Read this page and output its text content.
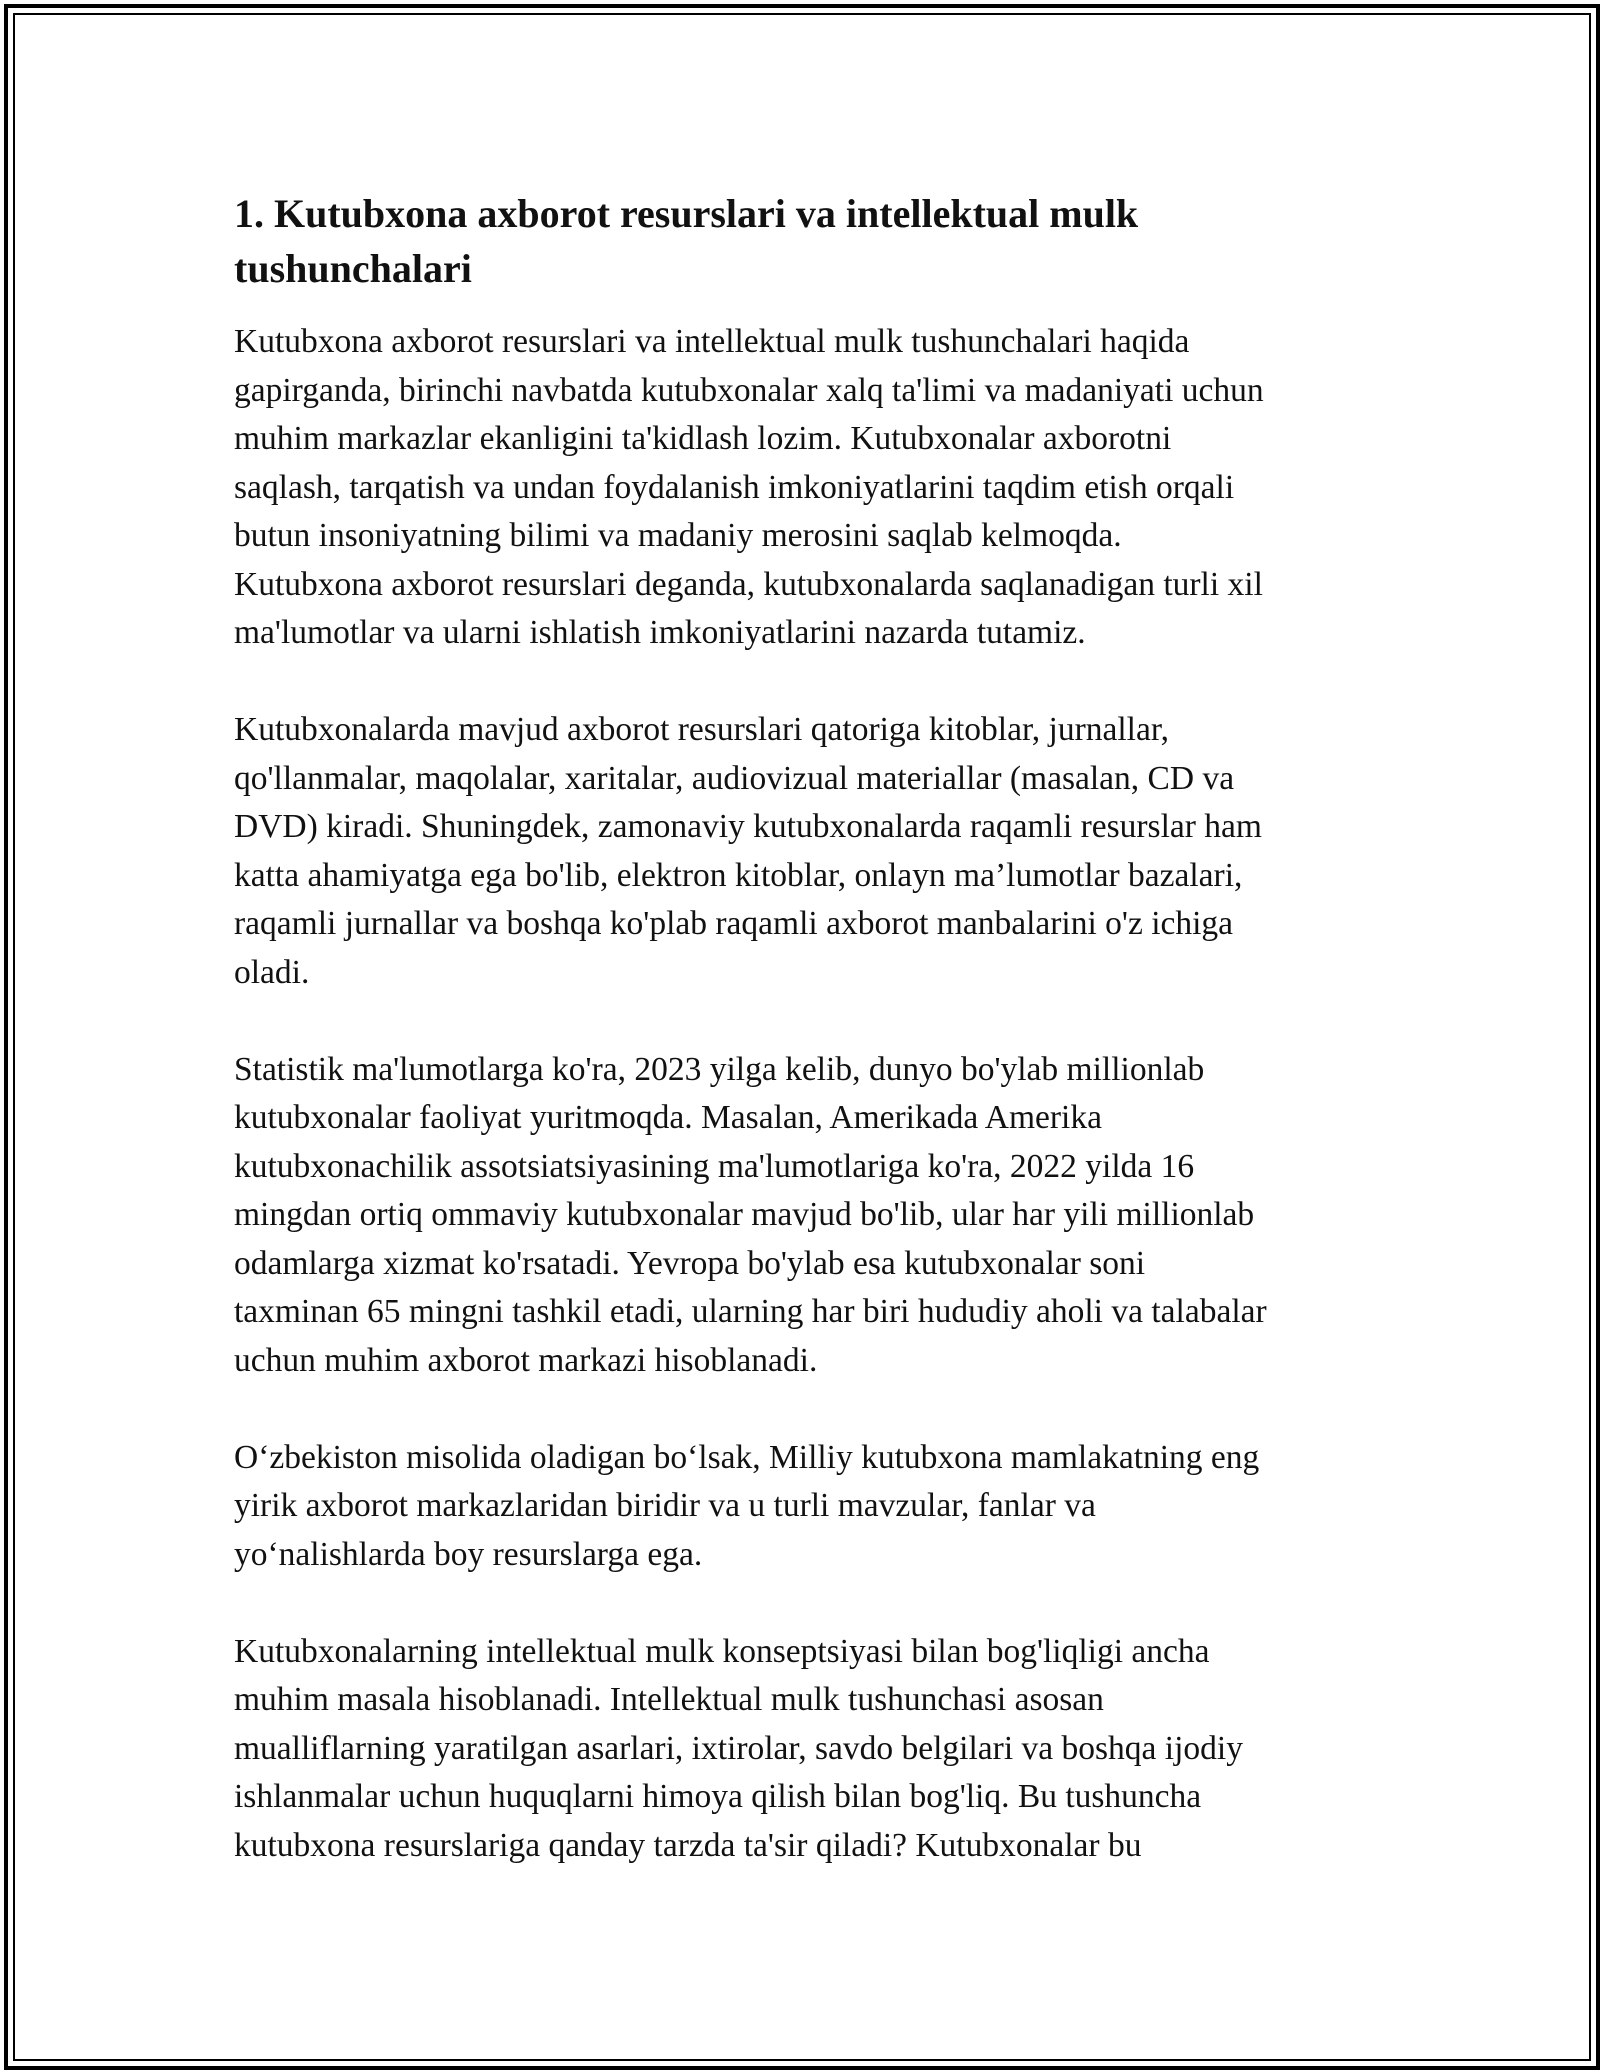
1. Kutubxona axborot resurslari va intellektual mulk
tushunchalari

Kutubxona axborot resurslari va intellektual mulk tushunchalari haqida
gapirganda, birinchi navbatda kutubxonalar xalq ta'limi va madaniyati uchun
muhim markazlar ekanligini ta'kidlash lozim. Kutubxonalar axborotni
saqlash, tarqatish va undan foydalanish imkoniyatlarini taqdim etish orqali
butun insoniyatning bilimi va madaniy merosini saqlab kelmoqda.
Kutubxona axborot resurslari deganda, kutubxonalarda saqlanadigan turli xil
ma'lumotlar va ularni ishlatish imkoniyatlarini nazarda tutamiz.

Kutubxonalarda mavjud axborot resurslari qatoriga kitoblar, jurnallar,
qo'llanmalar, maqolalar, xaritalar, audiovizual materiallar (masalan, CD va
DVD) kiradi. Shuningdek, zamonaviy kutubxonalarda raqamli resurslar ham
katta ahamiyatga ega bo'lib, elektron kitoblar, onlayn ma’lumotlar bazalari,
raqamli jurnallar va boshqa ko'plab raqamli axborot manbalarini o'z ichiga
oladi.

Statistik ma'lumotlarga ko'ra, 2023 yilga kelib, dunyo bo'ylab millionlab
kutubxonalar faoliyat yuritmoqda. Masalan, Amerikada Amerika
kutubxonachilik assotsiatsiyasining ma'lumotlariga ko'ra, 2022 yilda 16
mingdan ortiq ommaviy kutubxonalar mavjud bo'lib, ular har yili millionlab
odamlarga xizmat ko'rsatadi. Yevropa bo'ylab esa kutubxonalar soni
taxminan 65 mingni tashkil etadi, ularning har biri hududiy aholi va talabalar
uchun muhim axborot markazi hisoblanadi.

O‘zbekiston misolida oladigan bo‘lsak, Milliy kutubxona mamlakatning eng
yirik axborot markazlaridan biridir va u turli mavzular, fanlar va
yo‘nalishlarda boy resurslarga ega.

Kutubxonalarning intellektual mulk konseptsiyasi bilan bog'liqligi ancha
muhim masala hisoblanadi. Intellektual mulk tushunchasi asosan
mualliflarning yaratilgan asarlari, ixtirolar, savdo belgilari va boshqa ijodiy
ishlanmalar uchun huquqlarni himoya qilish bilan bog'liq. Bu tushuncha
kutubxona resurslariga qanday tarzda ta'sir qiladi? Kutubxonalar bu
